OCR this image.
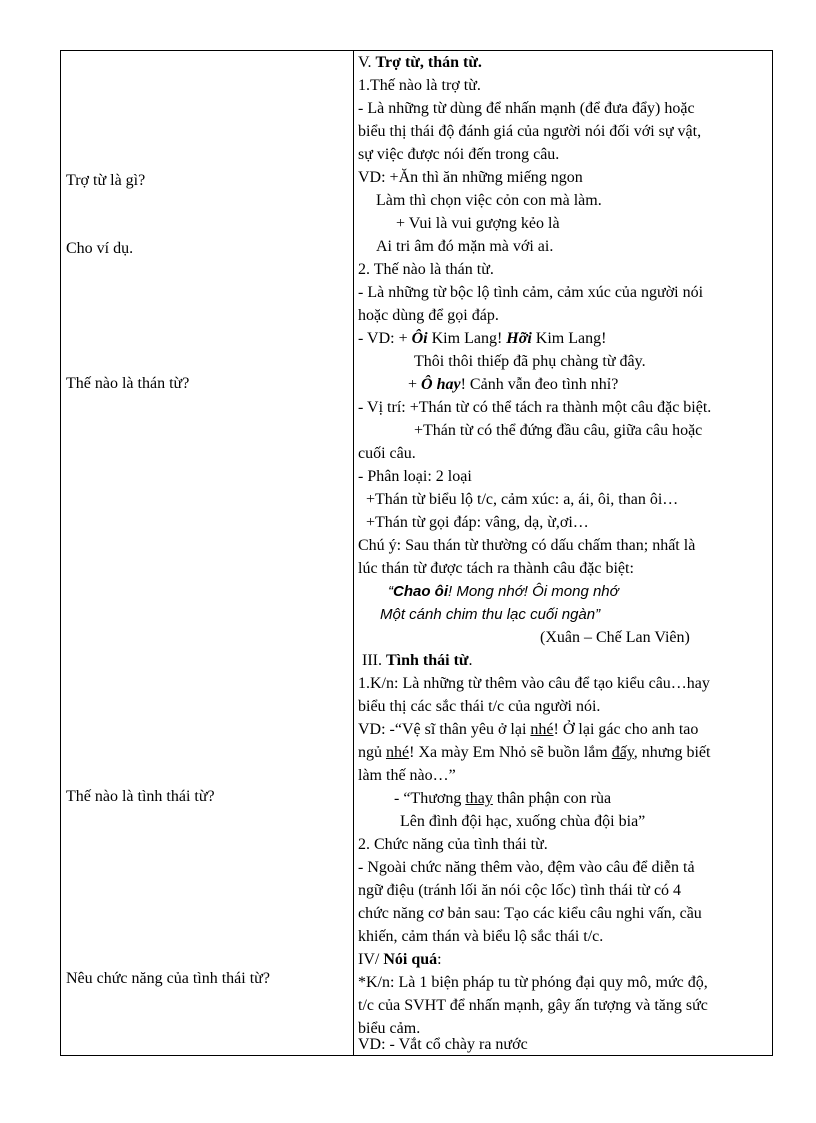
Trợ từ là gì?
Cho ví dụ.
Thế nào là thán từ?
Thế nào là tình thái từ?
Nêu chức năng của tình thái từ?
V. Trợ từ, thán từ.
1.Thế nào là trợ từ.
- Là những từ dùng để nhấn mạnh (để đưa đẩy) hoặc
biểu thị thái độ đánh giá của người nói đối với sự vật,
sự việc được nói đến trong câu.
VD: +Ăn thì ăn những miếng ngon
Làm thì chọn việc cỏn con mà làm.
+ Vui là vui gượng kẻo là
Ai tri âm đó mặn mà với ai.
2. Thế nào là thán từ.
- Là những từ bộc lộ tình cảm, cảm xúc của người nói
hoặc dùng để gọi đáp.
- VD: + Ôi Kim Lang! Hỡi Kim Lang!
Thôi thôi thiếp đã phụ chàng từ đây.
+ Ô hay! Cảnh vẫn đeo tình nhỉ?
- Vị trí: +Thán từ có thể tách ra thành một câu đặc biệt.
+Thán từ có thể đứng đầu câu, giữa câu hoặc
cuối câu.
- Phân loại: 2 loại
+Thán từ biểu lộ t/c, cảm xúc: a, ái, ôi, than ôi…
+Thán từ gọi đáp: vâng, dạ, ừ,ơi…
Chú ý: Sau thán từ thường có dấu chấm than; nhất là
lúc thán từ được tách ra thành câu đặc biệt:
“Chao ôi! Mong nhớ! Ôi mong nhớ
Một cánh chim thu lạc cuối ngàn”
(Xuân – Chế Lan Viên)
III. Tình thái từ.
1.K/n: Là những từ thêm vào câu để tạo kiểu câu…hay
biểu thị các sắc thái t/c của người nói.
VD: -“Vệ sĩ thân yêu ở lại nhé! Ở lại gác cho anh tao
ngủ nhé! Xa mày Em Nhỏ sẽ buồn lắm đấy, nhưng biết
làm thế nào…”
- “Thương thay thân phận con rùa
Lên đình đội hạc, xuống chùa đội bia”
2. Chức năng của tình thái từ.
- Ngoài chức năng thêm vào, đệm vào câu để diễn tả
ngữ điệu (tránh lối ăn nói cộc lốc) tình thái từ có 4
chức năng cơ bản sau: Tạo các kiểu câu nghi vấn, cầu
khiến, cảm thán và biểu lộ sắc thái t/c.
IV/ Nói quá:
*K/n: Là 1 biện pháp tu từ phóng đại quy mô, mức độ,
t/c của SVHT để nhấn mạnh, gây ấn tượng và tăng sức
biểu cảm.
VD: - Vắt cổ chày ra nước
